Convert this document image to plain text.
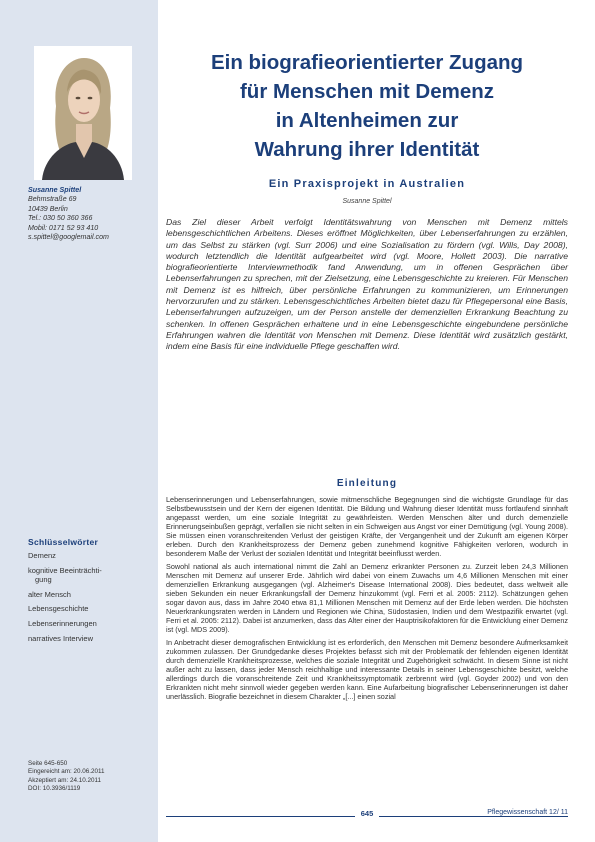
Susanne Spittel
Behmstraße 69
10439 Berlin
Tel.: 030 50 360 366
Mobil: 0171 52 93 410
s.spittel@googlemail.com
Schlüsselwörter
Demenz
kognitive Beeinträchti-
gung
alter Mensch
Lebensgeschichte
Lebenserinnerungen
narratives Interview
Seite 645-650
Eingereicht am: 20.06.2011
Akzeptiert am: 24.10.2011
DOI: 10.3936/1119
Ein biografieorientierter Zugang
für Menschen mit Demenz
in Altenheimen zur
Wahrung ihrer Identität
Ein Praxisprojekt in Australien
Susanne Spittel

Das Ziel dieser Arbeit verfolgt Identitätswahrung von Menschen mit Demenz mittels lebensgeschichtlichen Arbeitens. Dieses eröffnet Möglichkeiten, über Lebenserfahrungen zu erzählen, um das Selbst zu stärken (vgl. Surr 2006) und eine Sozialisation zu fördern (vgl. Wills, Day 2008), wodurch letztendlich die Identität aufgearbeitet wird (vgl. Moore, Hollett 2003). Die narrative biografieorientierte Interviewmethodik fand Anwendung, um in offenen Gesprächen über Lebenserfahrungen zu sprechen, mit der Zielsetzung, eine Lebensgeschichte zu kreieren. Für Menschen mit Demenz ist es hilfreich, über persönliche Erfahrungen zu kommunizieren, um Erinnerungen hervorzurufen und zu stärken. Lebensgeschichtliches Arbeiten bietet dazu für Pflegepersonal eine Basis, Lebenserfahrungen aufzuzeigen, um der Person anstelle der demenziellen Erkrankung Beachtung zu schenken. In offenen Gesprächen erhaltene und in eine Lebensgeschichte eingebundene persönliche Erfahrungen wahren die Identität von Menschen mit Demenz. Diese Identität wird zusätzlich gestärkt, indem eine Basis für eine individuelle Pflege geschaffen wird.

Einleitung

Lebenserinnerungen und Lebenserfahrungen, sowie mitmenschliche Begegnungen sind die wichtigste Grundlage für das Selbstbewusstsein und der Kern der eigenen Identität. Die Bildung und Wahrung dieser Identität muss fortlaufend sinnhaft angepasst werden, um eine soziale Integrität zu gewährleisten. Werden Menschen älter und durch demenzielle Erinnerungseinbußen geprägt, verfallen sie nicht selten in ein Schweigen aus Angst vor einer Demütigung (vgl. Young 2008). Sie müssen einen voranschreitenden Verlust der geistigen Kräfte, der Vergangenheit und der Zukunft am eigenen Körper erleben. Durch den Krankheitsprozess der Demenz geben zunehmend kognitive Fähigkeiten verloren, wodurch in besonderem Maße der Verlust der sozialen Identität und Integrität beeinflusst werden.

Sowohl national als auch international nimmt die Zahl an Demenz erkrankter Personen zu. Zurzeit leben 24,3 Millionen Menschen mit Demenz auf unserer Erde. Jährlich wird dabei von einem Zuwachs um 4,6 Millionen Menschen mit einer demenziellen Erkrankung ausgegangen (vgl. Alzheimer's Disease International 2008). Dies bedeutet, dass weltweit alle sieben Sekunden ein neuer Erkrankungsfall der Demenz hinzukommt (vgl. Ferri et al. 2005: 2112). Schätzungen gehen sogar davon aus, dass im Jahre 2040 etwa 81,1 Millionen Menschen mit Demenz auf der Erde leben werden. Die höchsten Neuerkrankungsraten werden in Ländern und Regionen wie China, Südostasien, Indien und dem Westpazifik erwartet (vgl. Ferri et al. 2005: 2112). Dabei ist anzumerken, dass das Alter einer der Hauptrisikofaktoren für die Entwicklung einer Demenz ist (vgl. MDS 2009).

In Anbetracht dieser demografischen Entwicklung ist es erforderlich, den Menschen mit Demenz besondere Aufmerksamkeit zukommen zulassen. Der Grundgedanke dieses Projektes befasst sich mit der Problematik der fehlenden eigenen Identität durch demenzielle Krankheitsprozesse, welches die soziale Integrität und Zugehörigkeit schwächt. In diesem Sinne ist nicht außer acht zu lassen, dass jeder Mensch reichhaltige und interessante Details in seiner Lebensgeschichte besitzt, welche allerdings durch die voranschreitende Zeit und Krankheitssymptomatik zerbrennt wird (vgl. Goyder 2002) und von den Erkrankten nicht mehr sinnvoll wieder gegeben werden kann. Eine Aufarbeitung biografischer Lebenserinnerungen ist daher unerlässlich. Biografie bezeichnet in diesem Charakter „[...] einen sozial

645	Pflegewissenschaft 12/ 11
